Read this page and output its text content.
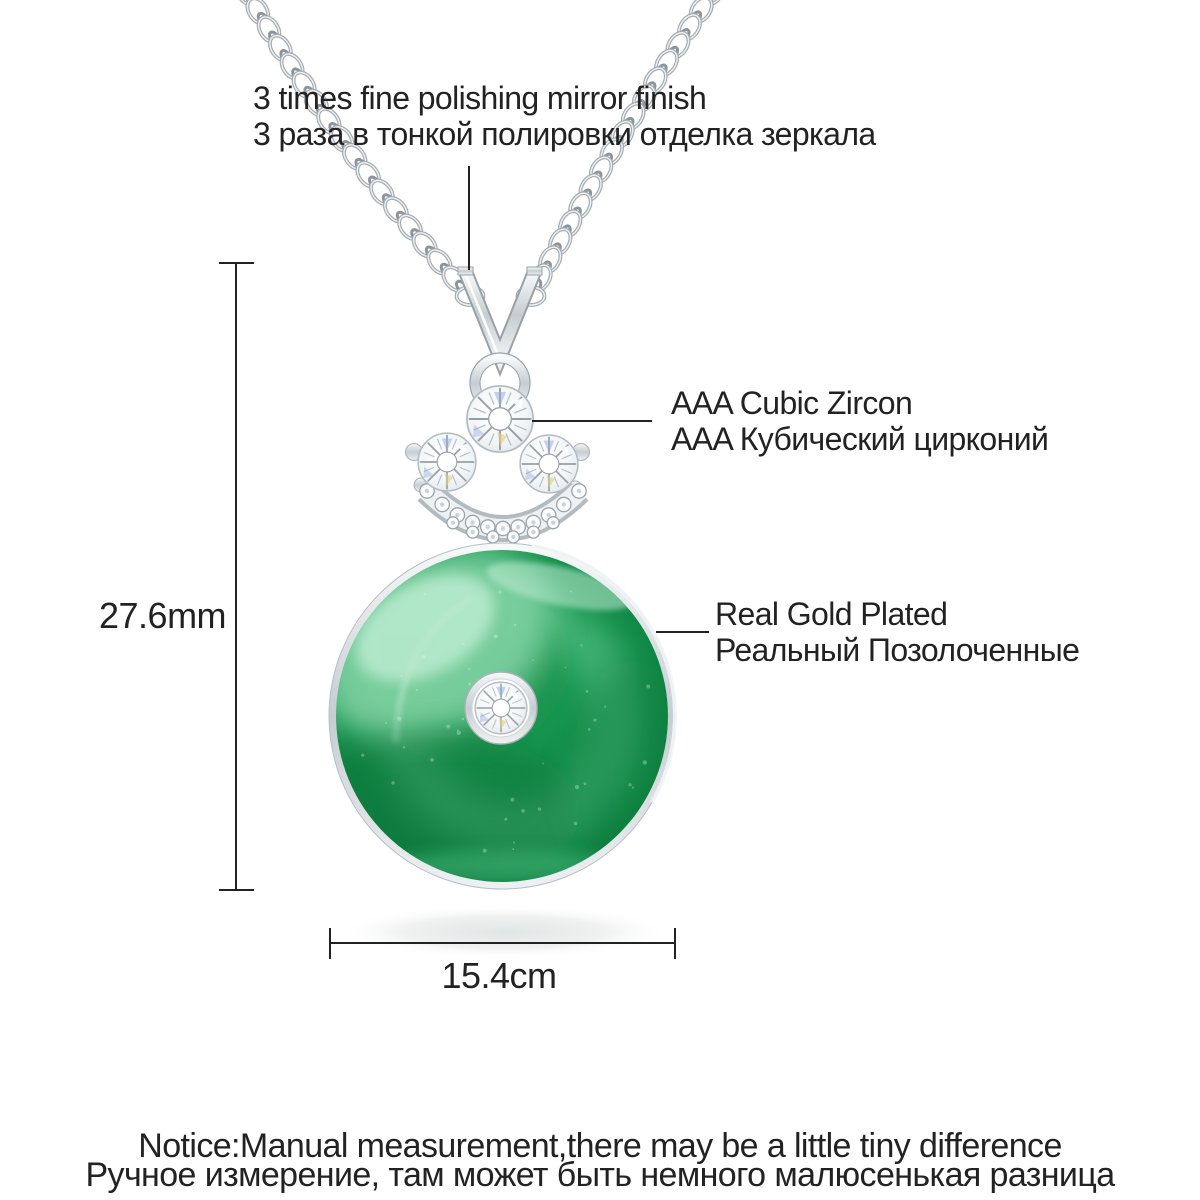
3 times fine polishing mirror finish
3 раза в тонкой полировки отделка зеркала
AAA Cubic Zircon
AAA Кубический цирконий
Real Gold Plated
Реальный Позолоченные
27.6mm
15.4cm
Notice:Manual measurement,there may be a little tiny difference
Ручное измерение, там может быть немного малюсенькая разница
